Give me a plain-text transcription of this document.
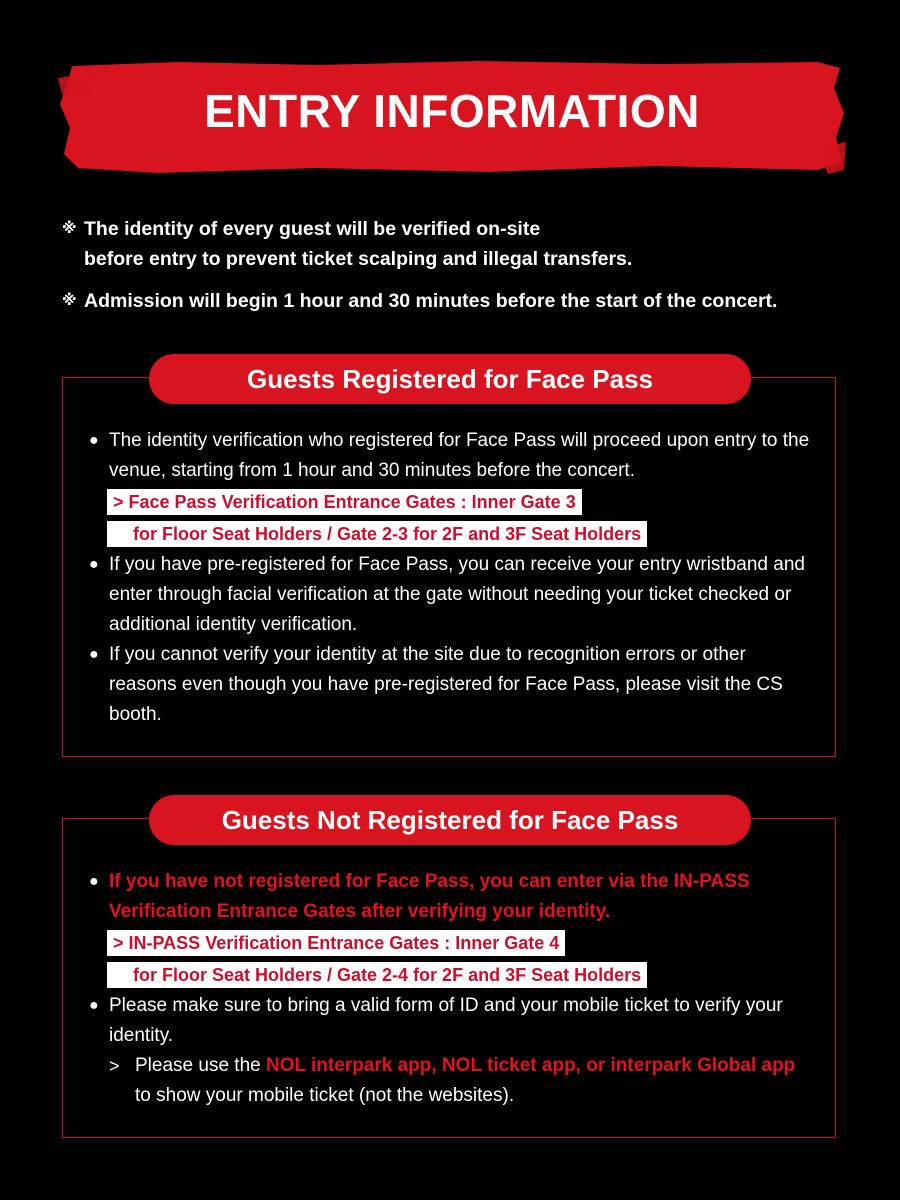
ENTRY INFORMATION
※ The identity of every guest will be verified on-site
before entry to prevent ticket scalping and illegal transfers.
※ Admission will begin 1 hour and 30 minutes before the start of the concert.
Guests Registered for Face Pass
● The identity verification who registered for Face Pass will proceed upon entry to the venue, starting from 1 hour and 30 minutes before the concert.
> Face Pass Verification Entrance Gates : Inner Gate 3
for Floor Seat Holders / Gate 2-3 for 2F and 3F Seat Holders
● If you have pre-registered for Face Pass, you can receive your entry wristband and enter through facial verification at the gate without needing your ticket checked or additional identity verification.
● If you cannot verify your identity at the site due to recognition errors or other reasons even though you have pre-registered for Face Pass, please visit the CS booth.
Guests Not Registered for Face Pass
● If you have not registered for Face Pass, you can enter via the IN-PASS Verification Entrance Gates after verifying your identity.
> IN-PASS Verification Entrance Gates : Inner Gate 4
for Floor Seat Holders / Gate 2-4 for 2F and 3F Seat Holders
● Please make sure to bring a valid form of ID and your mobile ticket to verify your identity.
> Please use the NOL interpark app, NOL ticket app, or interpark Global app
to show your mobile ticket (not the websites).
